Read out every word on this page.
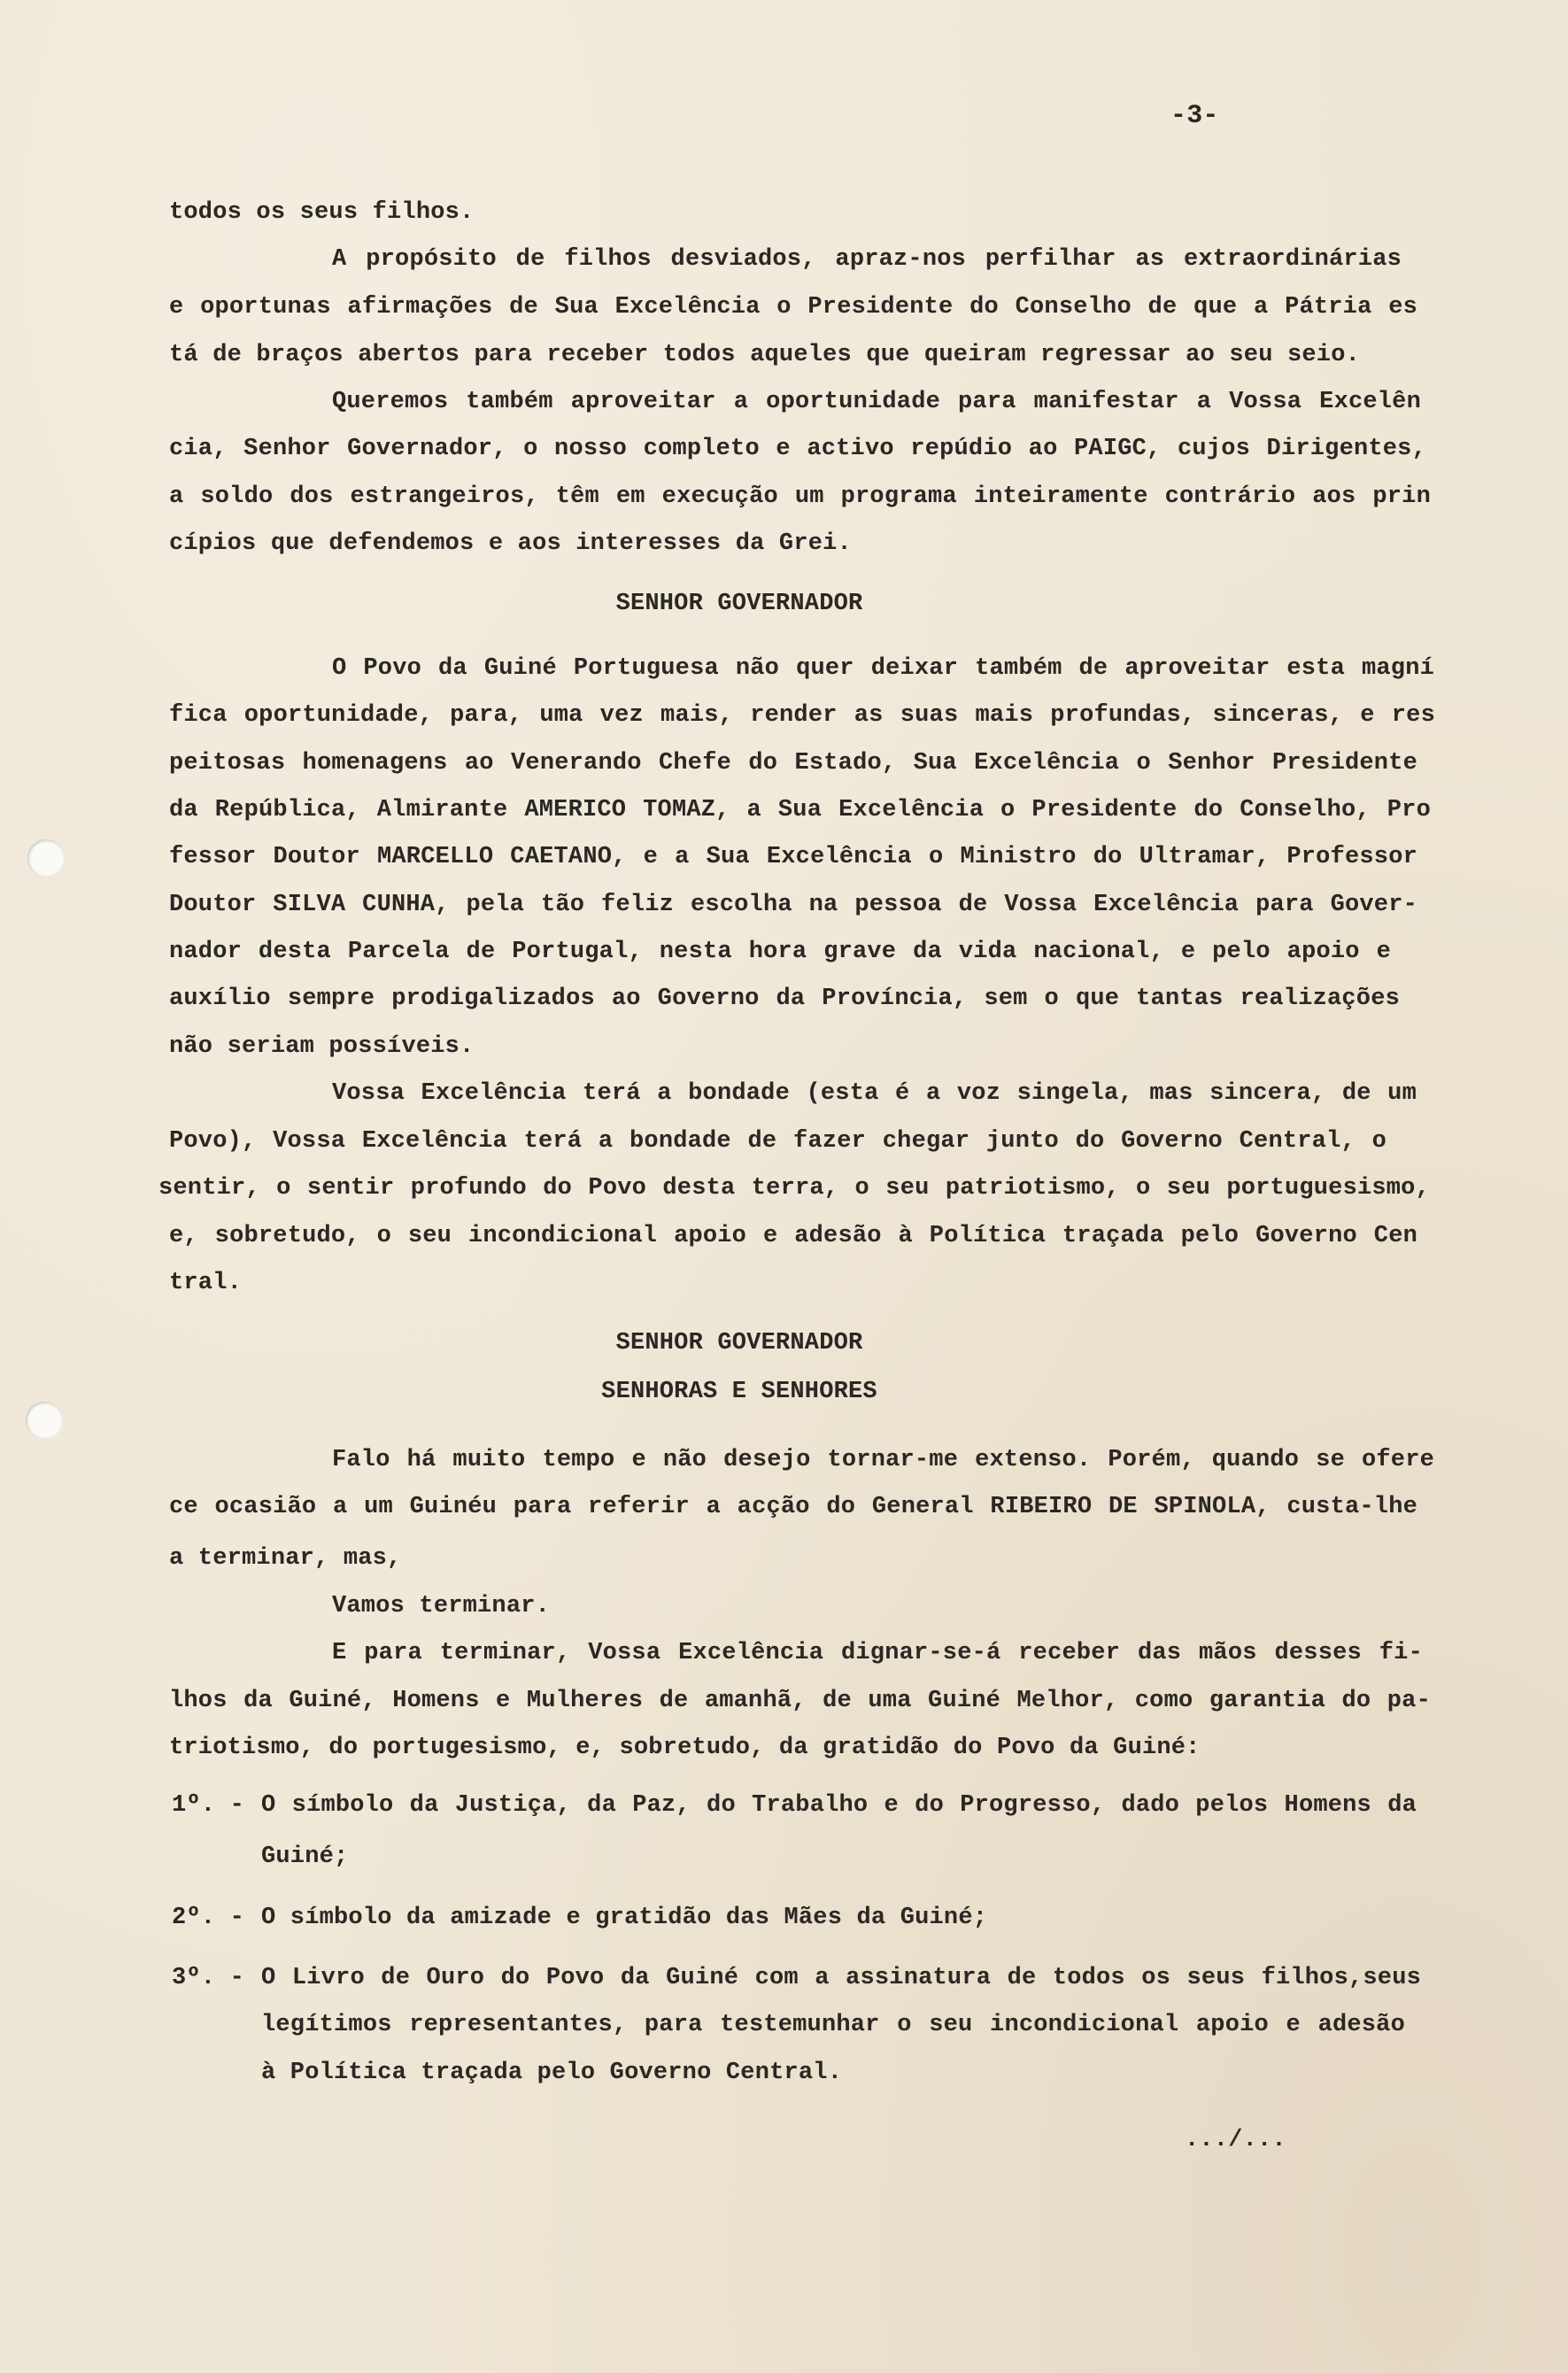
-3-
todos os seus filhos.
A propósito de filhos desviados, apraz-nos perfilhar as extraordinárias
e oportunas afirmações de Sua Excelência o Presidente do Conselho de que a Pátria es
tá de braços abertos para receber todos aqueles que queiram regressar ao seu seio.
Queremos também aproveitar a oportunidade para manifestar a Vossa Excelên
cia, Senhor Governador, o nosso completo e activo repúdio ao PAIGC, cujos Dirigentes,
a soldo dos estrangeiros, têm em execução um programa inteiramente contrário aos prin
cípios que defendemos e aos interesses da Grei.
SENHOR GOVERNADOR
O Povo da Guiné Portuguesa não quer deixar também de aproveitar esta magní
fica oportunidade, para, uma vez mais, render as suas mais profundas, sinceras, e res
peitosas homenagens ao Venerando Chefe do Estado, Sua Excelência o Senhor Presidente
da República, Almirante AMERICO TOMAZ, a Sua Excelência o Presidente do Conselho, Pro
fessor Doutor MARCELLO CAETANO, e a Sua Excelência o Ministro do Ultramar, Professor
Doutor SILVA CUNHA, pela tão feliz escolha na pessoa de Vossa Excelência para Gover-
nador desta Parcela de Portugal, nesta hora grave da vida nacional, e pelo apoio e
auxílio sempre prodigalizados ao Governo da Província, sem o que tantas realizações
não seriam possíveis.
Vossa Excelência terá a bondade (esta é a voz singela, mas sincera, de um
Povo), Vossa Excelência terá a bondade de fazer chegar junto do Governo Central, o
sentir, o sentir profundo do Povo desta terra, o seu patriotismo, o seu portuguesismo,
e, sobretudo, o seu incondicional apoio e adesão à Política traçada pelo Governo Cen
tral.
SENHOR GOVERNADOR
SENHORAS E SENHORES
Falo há muito tempo e não desejo tornar-me extenso. Porém, quando se ofere
ce ocasião a um Guinéu para referir a acção do General RIBEIRO DE SPINOLA, custa-lhe
a terminar, mas,
Vamos terminar.
E para terminar, Vossa Excelência dignar-se-á receber das mãos desses fi-
lhos da Guiné, Homens e Mulheres de amanhã, de uma Guiné Melhor, como garantia do pa-
triotismo, do portugesismo, e, sobretudo, da gratidão do Povo da Guiné:
1º. - O símbolo da Justiça, da Paz, do Trabalho e do Progresso, dado pelos Homens da
Guiné;
2º. - O símbolo da amizade e gratidão das Mães da Guiné;
3º. - O Livro de Ouro do Povo da Guiné com a assinatura de todos os seus filhos,seus
legítimos representantes, para testemunhar o seu incondicional apoio e adesão
à Política traçada pelo Governo Central.
.../...
